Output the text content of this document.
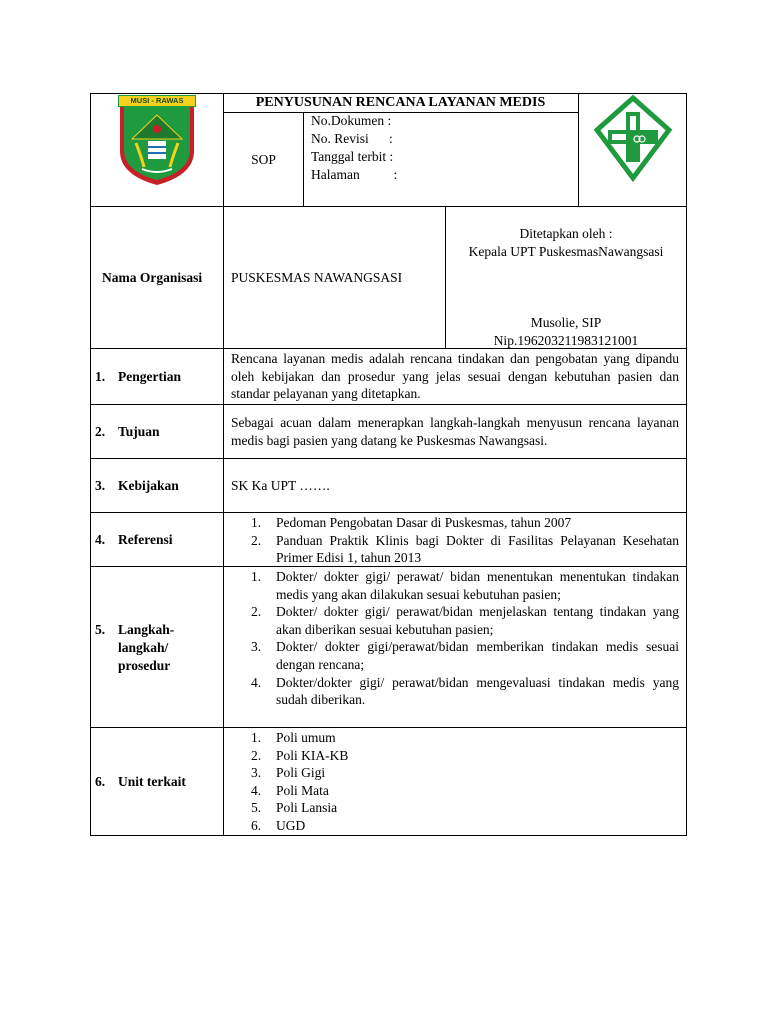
MUSI - RAWAS	PENYUSUNAN RENCANA LAYANAN MEDIS
SOP
No.Dokumen :
No. Revisi      :
Tanggal terbit :
Halaman          :
Nama Organisasi PUSKESMAS NAWANGSASI
Ditetapkan oleh :
Kepala UPT PuskesmasNawangsasi
Musolie, SIP
Nip.196203211983121001
1. Pengertian
Rencana layanan medis adalah rencana tindakan dan pengobatan yang dipandu oleh kebijakan dan prosedur yang jelas sesuai dengan kebutuhan pasien dan standar pelayanan yang ditetapkan.
2. Tujuan
Sebagai acuan dalam menerapkan langkah-langkah menyusun rencana layanan medis bagi pasien yang datang ke Puskesmas Nawangsasi.
3. Kebijakan	SK Ka UPT …….
4. Referensi
1. Pedoman Pengobatan Dasar di Puskesmas, tahun 2007
2. Panduan Praktik Klinis bagi Dokter di Fasilitas Pelayanan Kesehatan Primer Edisi 1, tahun 2013
5. Langkah-
langkah/
prosedur
1. Dokter/ dokter gigi/ perawat/ bidan menentukan menentukan tindakan medis yang akan dilakukan sesuai kebutuhan pasien;
2. Dokter/ dokter gigi/ perawat/bidan menjelaskan tentang tindakan yang akan diberikan sesuai kebutuhan pasien;
3. Dokter/ dokter gigi/perawat/bidan memberikan tindakan medis sesuai dengan rencana;
4. Dokter/dokter gigi/ perawat/bidan mengevaluasi tindakan medis yang sudah diberikan.
6. Unit terkait
1. Poli umum
2. Poli KIA-KB
3. Poli Gigi
4. Poli Mata
5. Poli Lansia
6. UGD
